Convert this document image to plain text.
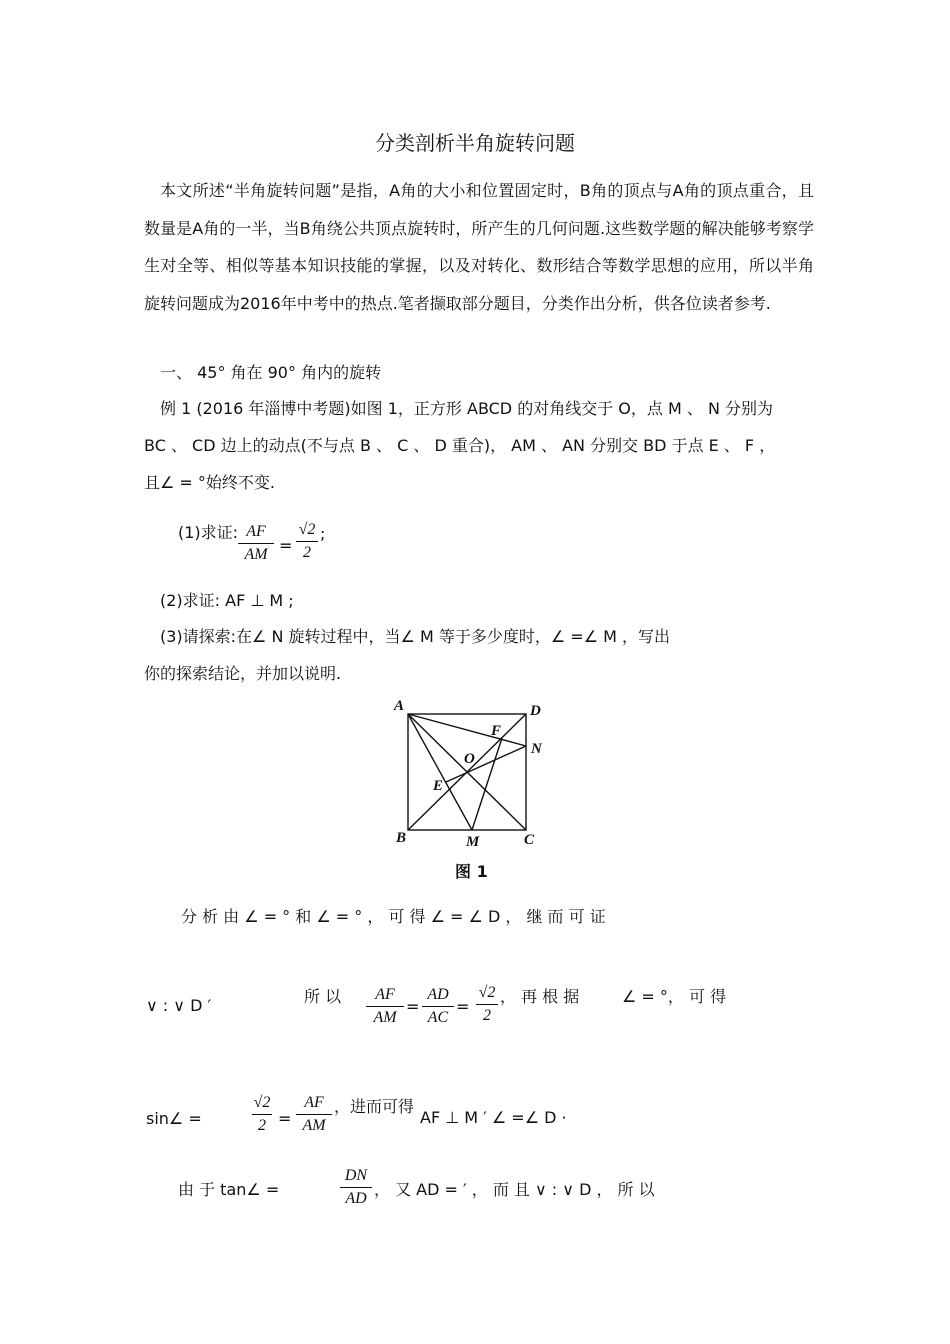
分类剖析半角旋转问题
本文所述“半角旋转问题”是指，A角的大小和位置固定时，B角的顶点与A角的顶点重合，且数量是A角的一半，当B角绕公共顶点旋转时，所产生的几何问题.这些数学题的解决能够考察学生对全等、相似等基本知识技能的掌握，以及对转化、数形结合等数学思想的应用，所以半角旋转问题成为2016年中考中的热点.笔者撷取部分题目，分类作出分析，供各位读者参考.
一、 45° 角在 90° 角内的旋转
例 1 (2016 年淄博中考题)如图 1，正方形 ABCD 的对角线交于 O，点 M 、 N 分别为
BC 、 CD 边上的动点(不与点 B 、 C 、 D 重合)， AM 、 AN 分别交 BD 于点 E 、 F ，
且∠ = °始终不变.
(1)求证: AF
AM =
√2
2
;
(2)求证: AF ⊥ M ;
(3)请探索:在∠ N 旋转过程中，当∠ M 等于多少度时，∠ =∠ M ，写出
你的探索结论，并加以说明.
A	D
F
N
O
E
B	M	C
图 1
分 析 由 ∠ = ° 和 ∠ = ° ， 可 得 ∠ = ∠ D ， 继 而 可 证
∨ : ∨ D ′	所 以	AF
AM
=
AD
AC
=
√2
2
， 再 根 据	∠ = °， 可 得
sin∠ =
√2
2 =
AF
AM
，进而可得
AF ⊥ M ′ ∠ =∠ D ·
由 于 tan∠ =
DN
AD ， 又 AD = ′ ， 而 且 ∨ : ∨ D ， 所 以
